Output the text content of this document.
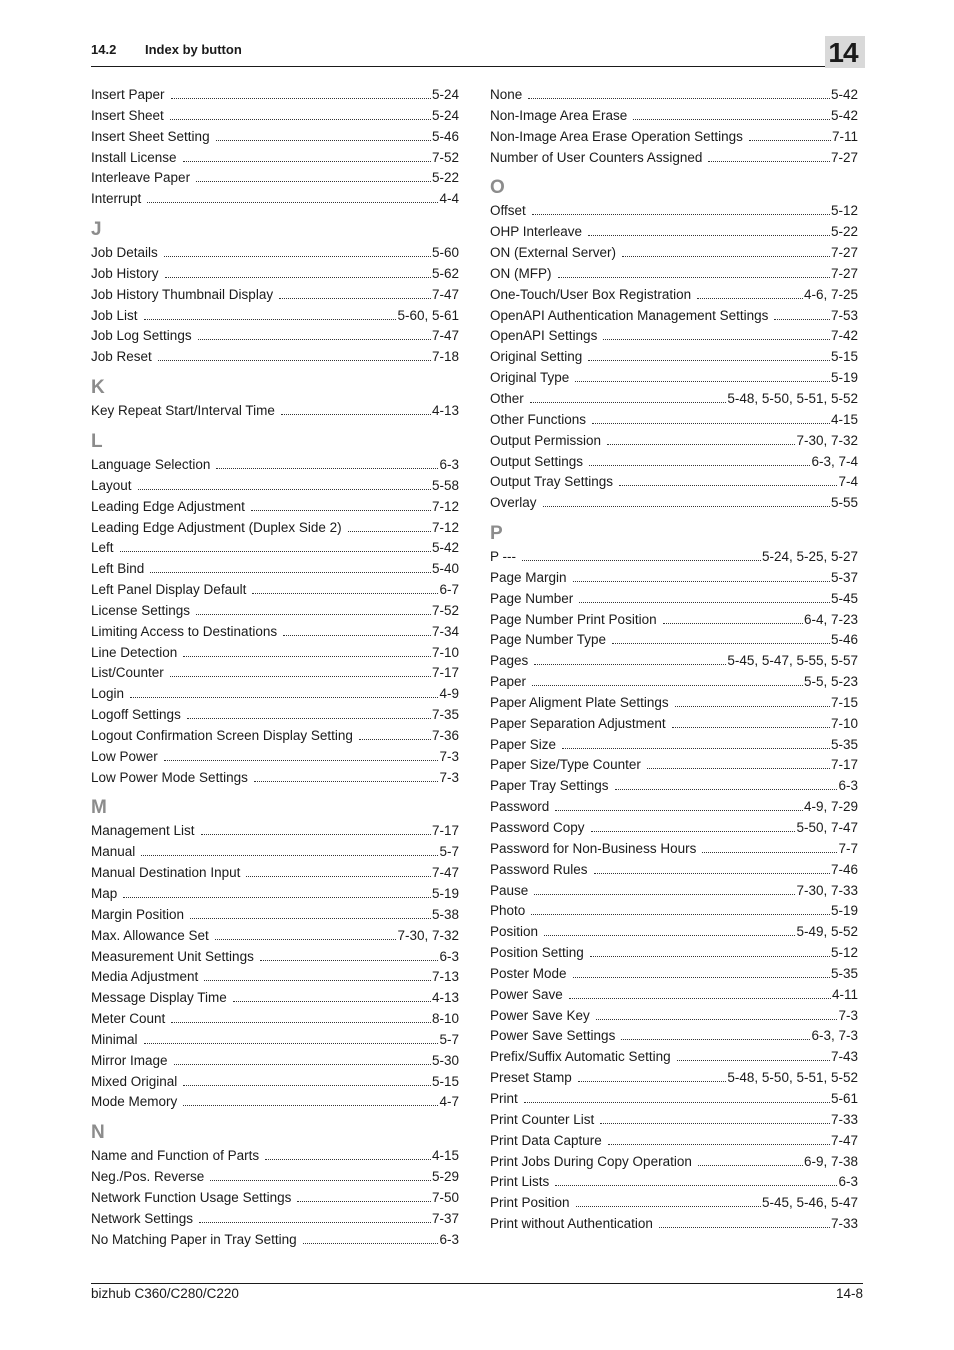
14.2 Index by button	14
Insert Paper	5-24
Insert Sheet	5-24
Insert Sheet Setting	5-46
Install License	7-52
Interleave Paper	5-22
Interrupt	4-4
J
Job Details	5-60
Job History	5-62
Job History Thumbnail Display	7-47
Job List	5-60, 5-61
Job Log Settings	7-47
Job Reset	7-18
K
Key Repeat Start/Interval Time	4-13
L
Language Selection	6-3
Layout	5-58
Leading Edge Adjustment	7-12
Leading Edge Adjustment (Duplex Side 2)	7-12
Left	5-42
Left Bind	5-40
Left Panel Display Default	6-7
License Settings	7-52
Limiting Access to Destinations	7-34
Line Detection	7-10
List/Counter	7-17
Login	4-9
Logoff Settings	7-35
Logout Confirmation Screen Display Setting	7-36
Low Power	7-3
Low Power Mode Settings	7-3
M
Management List	7-17
Manual	5-7
Manual Destination Input	7-47
Map	5-19
Margin Position	5-38
Max. Allowance Set	7-30, 7-32
Measurement Unit Settings	6-3
Media Adjustment	7-13
Message Display Time	4-13
Meter Count	8-10
Minimal	5-7
Mirror Image	5-30
Mixed Original	5-15
Mode Memory	4-7
N
Name and Function of Parts	4-15
Neg./Pos. Reverse	5-29
Network Function Usage Settings	7-50
Network Settings	7-37
No Matching Paper in Tray Setting	6-3
None	5-42
Non-Image Area Erase	5-42
Non-Image Area Erase Operation Settings	7-11
Number of User Counters Assigned	7-27
O
Offset	5-12
OHP Interleave	5-22
ON (External Server)	7-27
ON (MFP)	7-27
One-Touch/User Box Registration	4-6, 7-25
OpenAPI Authentication Management Settings	7-53
OpenAPI Settings	7-42
Original Setting	5-15
Original Type	5-19
Other	5-48, 5-50, 5-51, 5-52
Other Functions	4-15
Output Permission	7-30, 7-32
Output Settings	6-3, 7-4
Output Tray Settings	7-4
Overlay	5-55
P
P ---	5-24, 5-25, 5-27
Page Margin	5-37
Page Number	5-45
Page Number Print Position	6-4, 7-23
Page Number Type	5-46
Pages	5-45, 5-47, 5-55, 5-57
Paper	5-5, 5-23
Paper Aligment Plate Settings	7-15
Paper Separation Adjustment	7-10
Paper Size	5-35
Paper Size/Type Counter	7-17
Paper Tray Settings	6-3
Password	4-9, 7-29
Password Copy	5-50, 7-47
Password for Non-Business Hours	7-7
Password Rules	7-46
Pause	7-30, 7-33
Photo	5-19
Position	5-49, 5-52
Position Setting	5-12
Poster Mode	5-35
Power Save	4-11
Power Save Key	7-3
Power Save Settings	6-3, 7-3
Prefix/Suffix Automatic Setting	7-43
Preset Stamp	5-48, 5-50, 5-51, 5-52
Print	5-61
Print Counter List	7-33
Print Data Capture	7-47
Print Jobs During Copy Operation	6-9, 7-38
Print Lists	6-3
Print Position	5-45, 5-46, 5-47
Print without Authentication	7-33
bizhub C360/C280/C220	14-8
